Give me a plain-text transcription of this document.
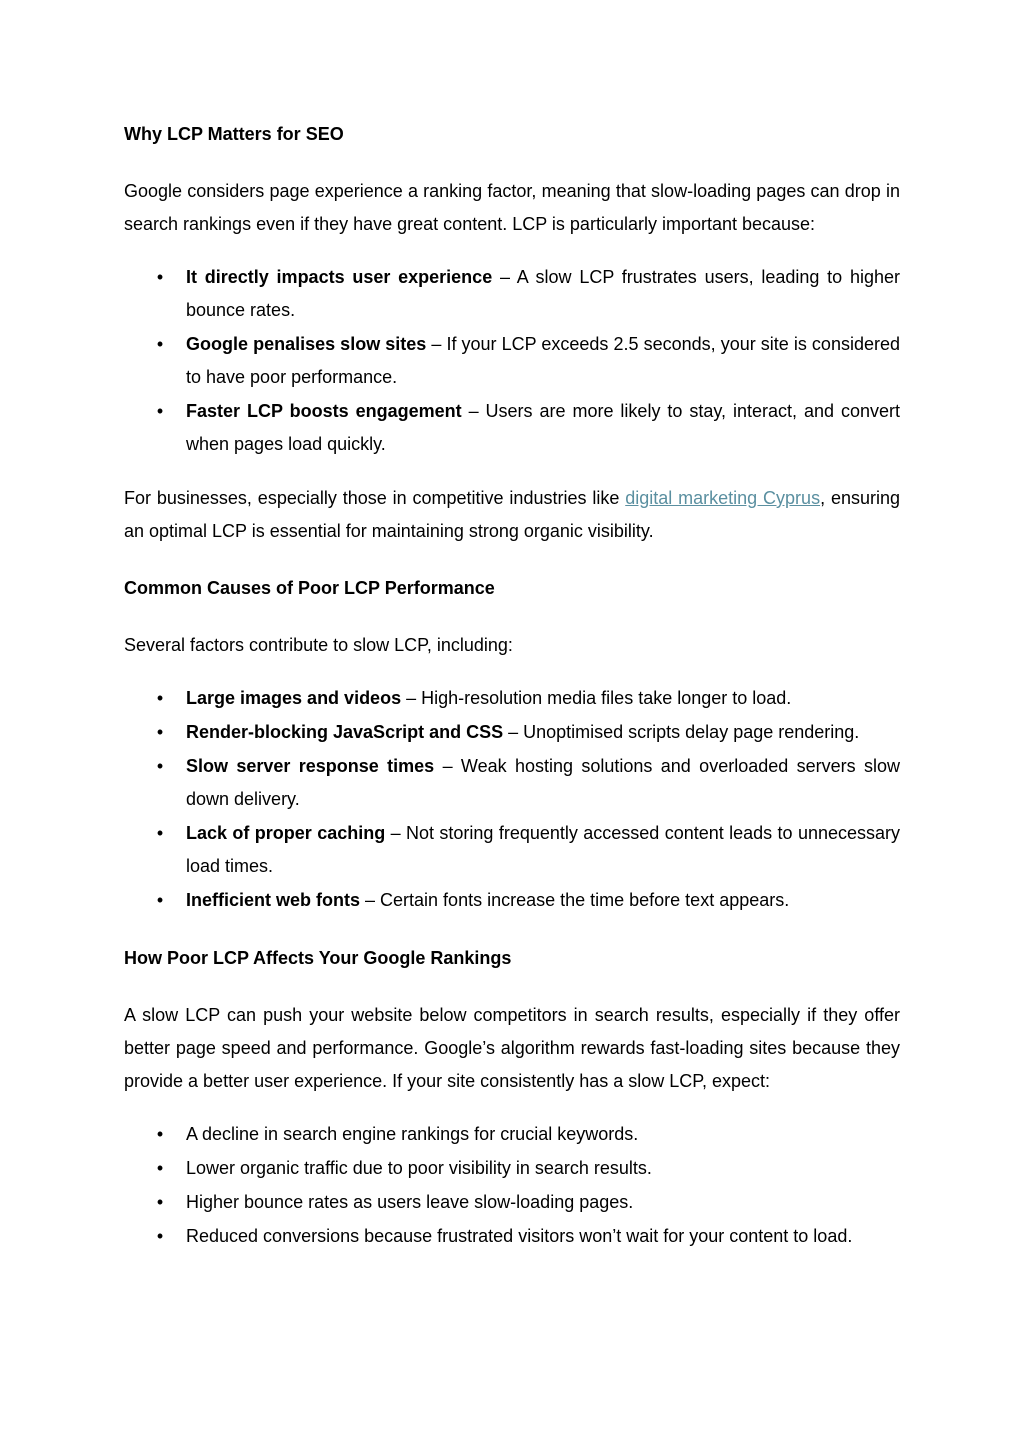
Why LCP Matters for SEO

Google considers page experience a ranking factor, meaning that slow-loading pages can drop in search rankings even if they have great content. LCP is particularly important because:

•
It directly impacts user experience – A slow LCP frustrates users, leading to higher bounce rates.
•
Google penalises slow sites – If your LCP exceeds 2.5 seconds, your site is considered to have poor performance.
•
Faster LCP boosts engagement – Users are more likely to stay, interact, and convert when pages load quickly.

For businesses, especially those in competitive industries like digital marketing Cyprus, ensuring an optimal LCP is essential for maintaining strong organic visibility.

Common Causes of Poor LCP Performance

Several factors contribute to slow LCP, including:

•
Large images and videos – High-resolution media files take longer to load.
•
Render-blocking JavaScript and CSS – Unoptimised scripts delay page rendering.
•
Slow server response times – Weak hosting solutions and overloaded servers slow down delivery.
•
Lack of proper caching – Not storing frequently accessed content leads to unnecessary load times.
•
Inefficient web fonts – Certain fonts increase the time before text appears.
How Poor LCP Affects Your Google Rankings

A slow LCP can push your website below competitors in search results, especially if they offer better page speed and performance. Google’s algorithm rewards fast-loading sites because they provide a better user experience. If your site consistently has a slow LCP, expect:

•
A decline in search engine rankings for crucial keywords.
•
Lower organic traffic due to poor visibility in search results.
•
Higher bounce rates as users leave slow-loading pages.
•
Reduced conversions because frustrated visitors won’t wait for your content to load.
